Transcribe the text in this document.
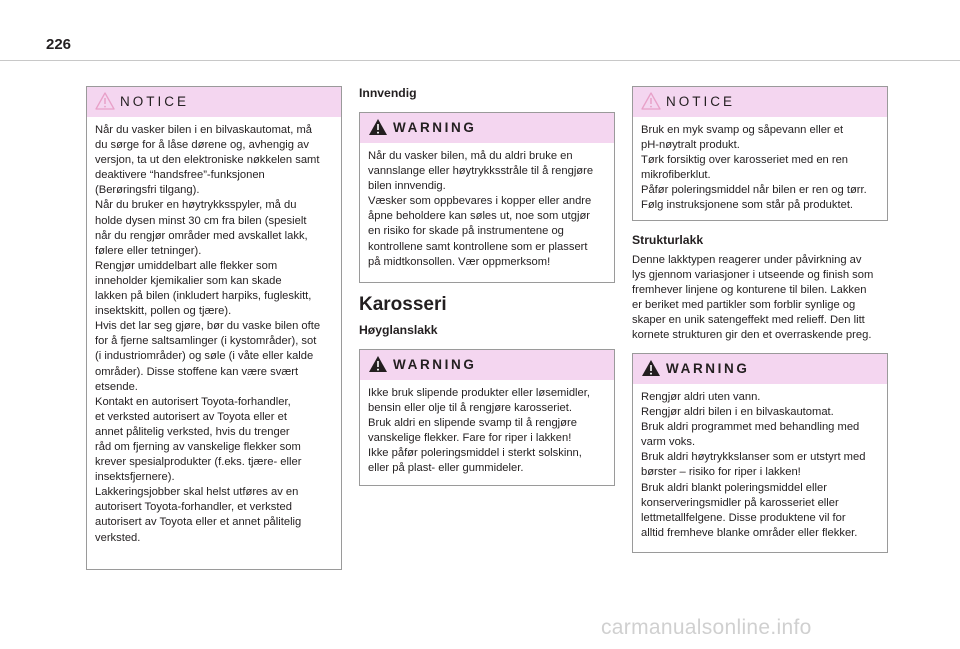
226
NOTICE
Når du vasker bilen i en bilvaskautomat, må
du sørge for å låse dørene og, avhengig av
versjon, ta ut den elektroniske nøkkelen samt
deaktivere “handsfree”-funksjonen
(Berøringsfri tilgang).
Når du bruker en høytrykksspyler, må du
holde dysen minst 30 cm fra bilen (spesielt
når du rengjør områder med avskallet lakk,
følere eller tetninger).
Rengjør umiddelbart alle flekker som
inneholder kjemikalier som kan skade
lakken på bilen (inkludert harpiks, fugleskitt,
insektskitt, pollen og tjære).
Hvis det lar seg gjøre, bør du vaske bilen ofte
for å fjerne saltsamlinger (i kystområder), sot
(i industriområder) og søle (i våte eller kalde
områder). Disse stoffene kan være svært
etsende.
Kontakt en autorisert Toyota-forhandler,
et verksted autorisert av Toyota eller et
annet pålitelig verksted, hvis du trenger
råd om fjerning av vanskelige flekker som
krever spesialprodukter (f.eks. tjære- eller
insektsfjernere).
Lakkeringsjobber skal helst utføres av en
autorisert Toyota-forhandler, et verksted
autorisert av Toyota eller et annet pålitelig
verksted.
Innvendig
WARNING
Når du vasker bilen, må du aldri bruke en
vannslange eller høytrykksstråle til å rengjøre
bilen innvendig.
Væsker som oppbevares i kopper eller andre
åpne beholdere kan søles ut, noe som utgjør
en risiko for skade på instrumentene og
kontrollene samt kontrollene som er plassert
på midtkonsollen. Vær oppmerksom!
Karosseri
Høyglanslakk
WARNING
Ikke bruk slipende produkter eller løsemidler,
bensin eller olje til å rengjøre karosseriet.
Bruk aldri en slipende svamp til å rengjøre
vanskelige flekker. Fare for riper i lakken!
Ikke påfør poleringsmiddel i sterkt solskinn,
eller på plast- eller gummideler.
NOTICE
Bruk en myk svamp og såpevann eller et
pH-nøytralt produkt.
Tørk forsiktig over karosseriet med en ren
mikrofiberklut.
Påfør poleringsmiddel når bilen er ren og tørr.
Følg instruksjonene som står på produktet.
Strukturlakk
Denne lakktypen reagerer under påvirkning av
lys gjennom variasjoner i utseende og finish som
fremhever linjene og konturene til bilen. Lakken
er beriket med partikler som forblir synlige og
skaper en unik satengeffekt med relieff. Den litt
kornete strukturen gir den et overraskende preg.
WARNING
Rengjør aldri uten vann.
Rengjør aldri bilen i en bilvaskautomat.
Bruk aldri programmet med behandling med
varm voks.
Bruk aldri høytrykkslanser som er utstyrt med
børster – risiko for riper i lakken!
Bruk aldri blankt poleringsmiddel eller
konserveringsmidler på karosseriet eller
lettmetallfelgene. Disse produktene vil for
alltid fremheve blanke områder eller flekker.
carmanualsonline.info
